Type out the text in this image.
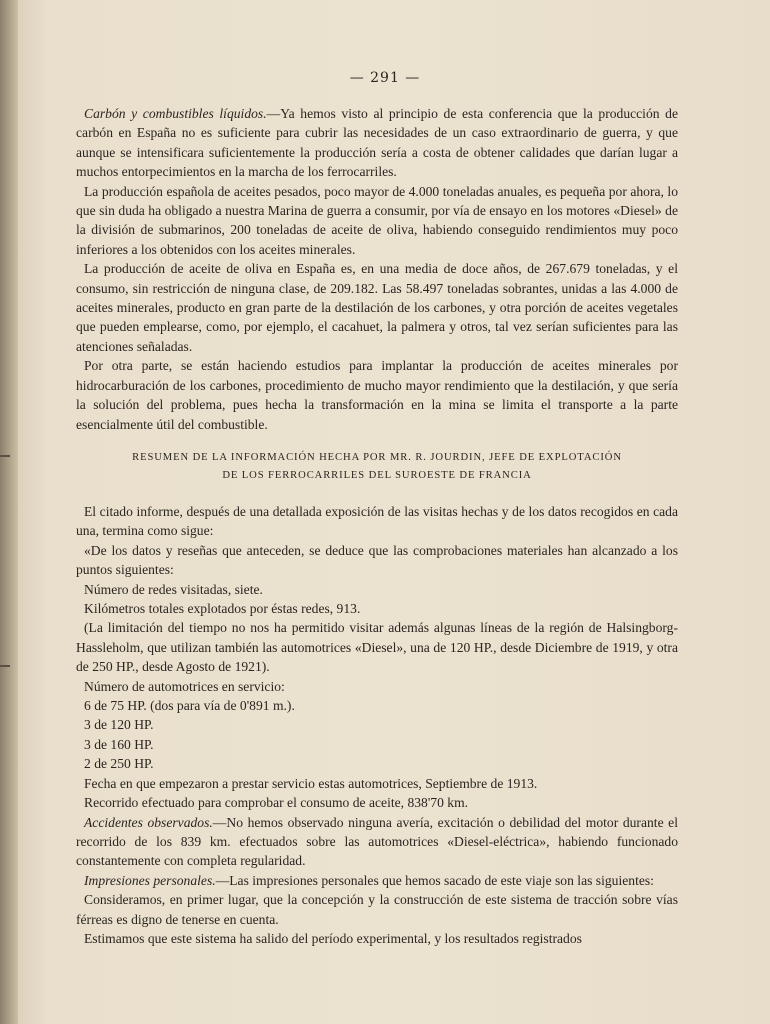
— 291 —

Carbón y combustibles líquidos.—Ya hemos visto al principio de esta conferencia que la producción de carbón en España no es suficiente para cubrir las necesidades de un caso extraordinario de guerra, y que aunque se intensificara suficientemente la producción sería a costa de obtener calidades que darían lugar a muchos entorpecimientos en la marcha de los ferrocarriles.

La producción española de aceites pesados, poco mayor de 4.000 toneladas anuales, es pequeña por ahora, lo que sin duda ha obligado a nuestra Marina de guerra a consumir, por vía de ensayo en los motores «Diesel» de la división de submarinos, 200 toneladas de aceite de oliva, habiendo conseguido rendimientos muy poco inferiores a los obtenidos con los aceites minerales.

La producción de aceite de oliva en España es, en una media de doce años, de 267.679 toneladas, y el consumo, sin restricción de ninguna clase, de 209.182. Las 58.497 toneladas sobrantes, unidas a las 4.000 de aceites minerales, producto en gran parte de la destilación de los carbones, y otra porción de aceites vegetales que pueden emplearse, como, por ejemplo, el cacahuet, la palmera y otros, tal vez serían suficientes para las atenciones señaladas.

Por otra parte, se están haciendo estudios para implantar la producción de aceites minerales por hidrocarburación de los carbones, procedimiento de mucho mayor rendimiento que la destilación, y que sería la solución del problema, pues hecha la transformación en la mina se limita el transporte a la parte esencialmente útil del combustible.

RESUMEN DE LA INFORMACIÓN HECHA POR MR. R. JOURDIN, JEFE DE EXPLOTACIÓN
DE LOS FERROCARRILES DEL SUROESTE DE FRANCIA

El citado informe, después de una detallada exposición de las visitas hechas y de los datos recogidos en cada una, termina como sigue:

«De los datos y reseñas que anteceden, se deduce que las comprobaciones materiales han alcanzado a los puntos siguientes:

Número de redes visitadas, siete.

Kilómetros totales explotados por éstas redes, 913.

(La limitación del tiempo no nos ha permitido visitar además algunas líneas de la región de Halsingborg-Hassleholm, que utilizan también las automotrices «Diesel», una de 120 HP., desde Diciembre de 1919, y otra de 250 HP., desde Agosto de 1921).

Número de automotrices en servicio:

6 de 75 HP. (dos para vía de 0'891 m.).

3 de 120 HP.

3 de 160 HP.

2 de 250 HP.

Fecha en que empezaron a prestar servicio estas automotrices, Septiembre de 1913.

Recorrido efectuado para comprobar el consumo de aceite, 838'70 km.

Accidentes observados.—No hemos observado ninguna avería, excitación o debilidad del motor durante el recorrido de los 839 km. efectuados sobre las automotrices «Diesel-eléctrica», habiendo funcionado constantemente con completa regularidad.

Impresiones personales.—Las impresiones personales que hemos sacado de este viaje son las siguientes:

Consideramos, en primer lugar, que la concepción y la construcción de este sistema de tracción sobre vías férreas es digno de tenerse en cuenta.

Estimamos que este sistema ha salido del período experimental, y los resultados registrados
